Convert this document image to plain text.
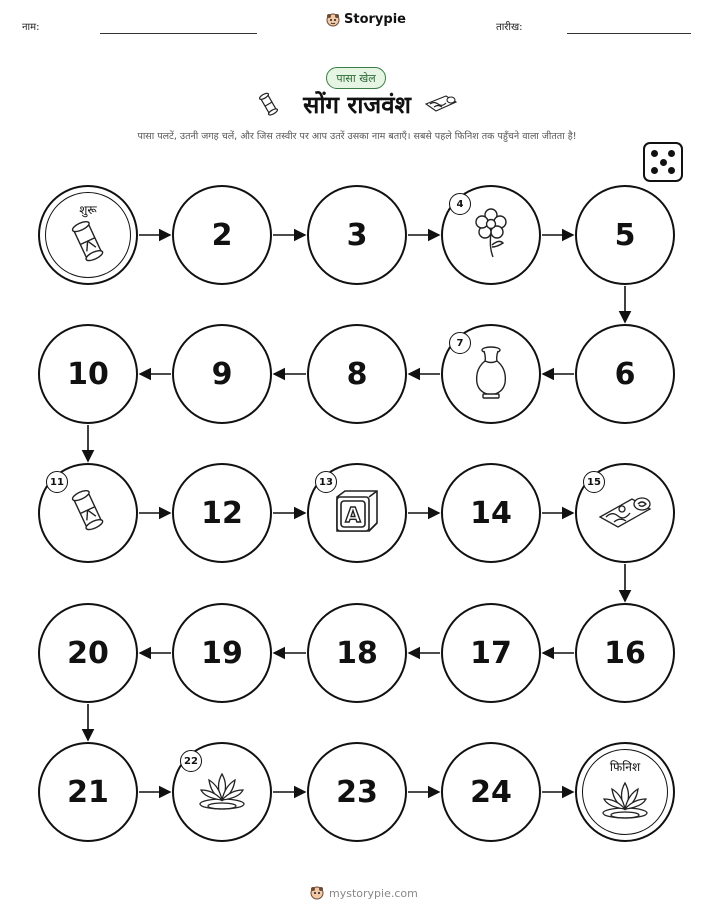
नाम:
Storypie
तारीख:
पासा खेल
सोंग राजवंश
पासा पलटें, उतनी जगह चलें, और जिस तस्वीर पर आप उतरें उसका नाम बताएँ। सबसे पहले फिनिश तक पहुँचने वाला जीतता है!
शुरू
2	3
4
5
6
7
8
9
10
11
12
13
A	14
15
16
17
18
19
20
21
22
23	24
फिनिश
mystorypie.com
